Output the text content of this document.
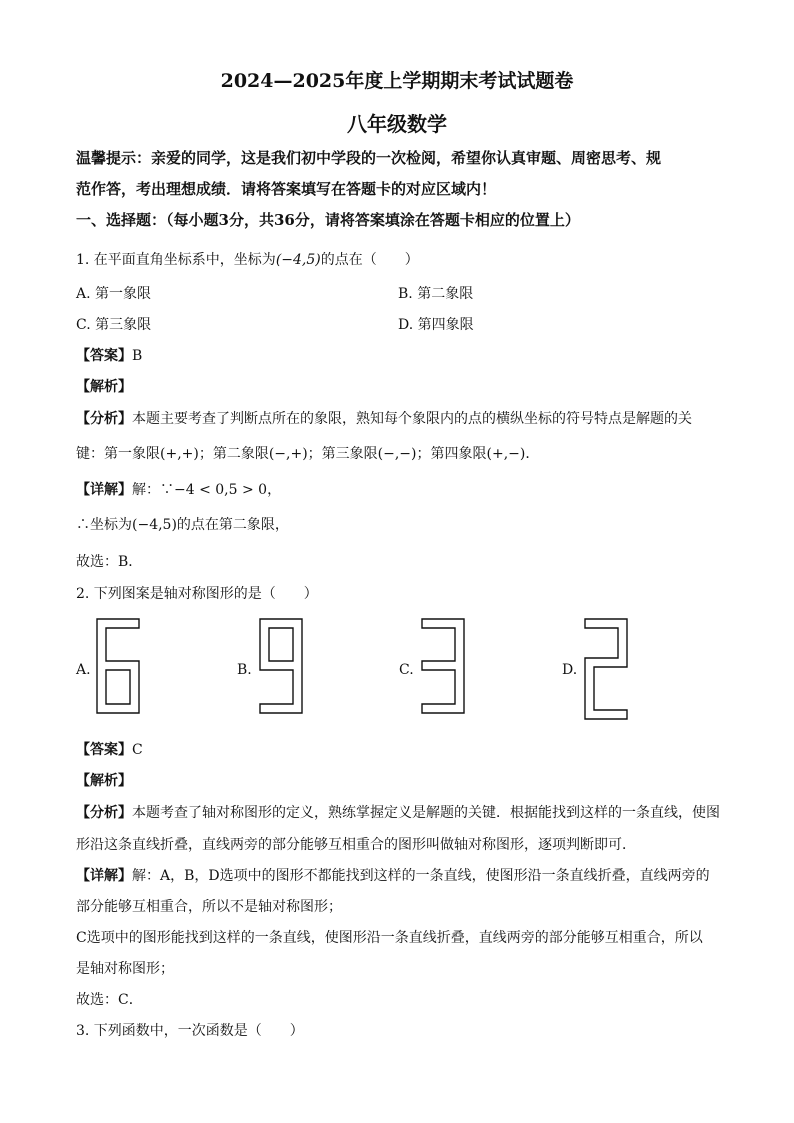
2024—2025年度上学期期末考试试题卷
八年级数学
温馨提示：亲爱的同学，这是我们初中学段的一次检阅，希望你认真审题、周密思考、规
范作答，考出理想成绩．请将答案填写在答题卡的对应区域内！
一、选择题：（每小题3分，共36分，请将答案填涂在答题卡相应的位置上）
1. 在平面直角坐标系中，坐标为(−4,5)的点在（　　）
A. 第一象限	B. 第二象限
C. 第三象限	D. 第四象限
【答案】B
【解析】
【分析】本题主要考查了判断点所在的象限，熟知每个象限内的点的横纵坐标的符号特点是解题的关
键：第一象限(+,+)；第二象限(−,+)；第三象限(−,−)；第四象限(+,−)．
【详解】解：∵−4 < 0,5 > 0，
∴坐标为(−4,5)的点在第二象限，
故选：B．
2. 下列图案是轴对称图形的是（　　）
A.	B.	C.	D.
【答案】C
【解析】
【分析】本题考查了轴对称图形的定义，熟练掌握定义是解题的关键．根据能找到这样的一条直线，使图
形沿这条直线折叠，直线两旁的部分能够互相重合的图形叫做轴对称图形，逐项判断即可．
【详解】解：A，B，D选项中的图形不都能找到这样的一条直线，使图形沿一条直线折叠，直线两旁的
部分能够互相重合，所以不是轴对称图形；
C选项中的图形能找到这样的一条直线，使图形沿一条直线折叠，直线两旁的部分能够互相重合，所以
是轴对称图形；
故选：C．
3. 下列函数中，一次函数是（　　）
